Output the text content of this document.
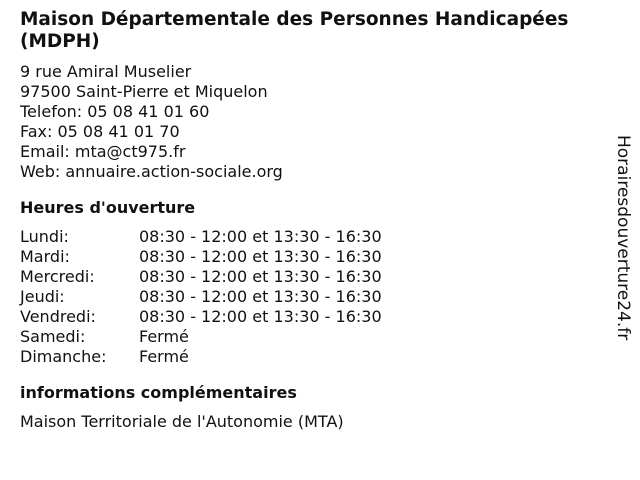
Maison Départementale des Personnes Handicapées (MDPH)
9 rue Amiral Muselier
97500 Saint-Pierre et Miquelon
Telefon: 05 08 41 01 60
Fax: 05 08 41 01 70
Email: mta@ct975.fr
Web: annuaire.action-sociale.org
Heures d'ouverture
Lundi:	08:30 - 12:00 et 13:30 - 16:30
Mardi:	08:30 - 12:00 et 13:30 - 16:30
Mercredi:	08:30 - 12:00 et 13:30 - 16:30
Jeudi:	08:30 - 12:00 et 13:30 - 16:30
Vendredi:	08:30 - 12:00 et 13:30 - 16:30
Samedi:	Fermé
Dimanche:	Fermé
informations complémentaires
Maison Territoriale de l'Autonomie (MTA)
Horairesdouverture24.fr
